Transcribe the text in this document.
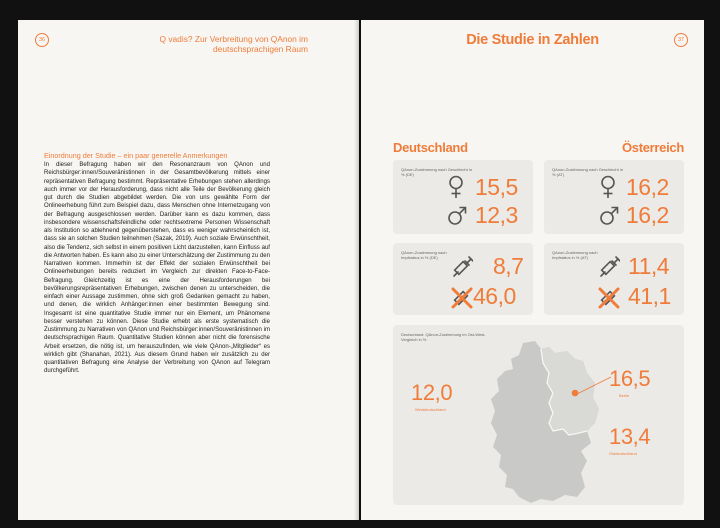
36	Q vadis? Zur Verbreitung von QAnon im deutschsprachigen Raum
Einordnung der Studie – ein paar generelle Anmerkungen
In dieser Befragung haben wir den Resonanzraum von QAnon und Reichsbürger:innen/Souveränistinnen in der Gesamtbevölkerung mittels einer repräsentativen Befragung bestimmt. Repräsentative Erhebungen stehen allerdings auch immer vor der Herausforderung, dass nicht alle Teile der Bevölkerung gleich gut durch die Studien abgebildet werden. Die von uns gewählte Form der Onlineerhebung führt zum Beispiel dazu, dass Menschen ohne Internetzugang von der Befragung ausgeschlossen werden. Darüber kann es dazu kommen, dass insbesondere wissenschaftsfeindliche oder rechtsextreme Personen Wissenschaft als Institution so ablehnend gegenüberstehen, dass es weniger wahrscheinlich ist, dass sie an solchen Studien teilnehmen (Sazak, 2019). Auch soziale Erwünschtheit, also die Tendenz, sich selbst in einem positiven Licht darzustellen, kann Einfluss auf die Antworten haben. Es kann also zu einer Unterschätzung der Zustimmung zu den Narrativen kommen. Immerhin ist der Effekt der sozialen Erwünschtheit bei Onlineerhebungen bereits reduziert im Vergleich zur direkten Face-to-Face-Befragung. Gleichzeitig ist es eine der Herausforderungen bei bevölkerungsrepräsentativen Erhebungen, zwischen denen zu unterscheiden, die einfach einer Aussage zustimmen, ohne sich groß Gedanken gemacht zu haben, und denen, die wirklich Anhänger:innen einer bestimmten Bewegung sind. Insgesamt ist eine quantitative Studie immer nur ein Element, um Phänomene besser verstehen zu können. Diese Studie erhebt als erste systematisch die Zustimmung zu Narrativen von QAnon und Reichsbürger:innen/Souveränistinnen im deutschsprachigen Raum. Quantitative Studien können aber nicht die forensische Arbeit ersetzen, die nötig ist, um herauszufinden, wie viele QAnon-„Mitglieder“ es wirklich gibt (Shanahan, 2021). Aus diesem Grund haben wir zusätzlich zu der quantitativen Befragung eine Analyse der Verbreitung von QAnon auf Telegram durchgeführt.
Die Studie in Zahlen	37
Deutschland	Österreich
QAnon-Zustimmung nach Geschlecht in % (DE)	15,5
12,3
QAnon-Zustimmung nach Geschlecht in % (AT)	16,2
16,2
QAnon-Zustimmung nach Impfstatus in % (DE)	8,7
46,0
QAnon-Zustimmung nach Impfstatus in % (AT)	11,4
41,1
Deutschland: QAnon-Zustimmung im Ost-West-Vergleich in %
12,0
Westdeutschland
16,5
Berlin
13,4
Ostdeutschland
